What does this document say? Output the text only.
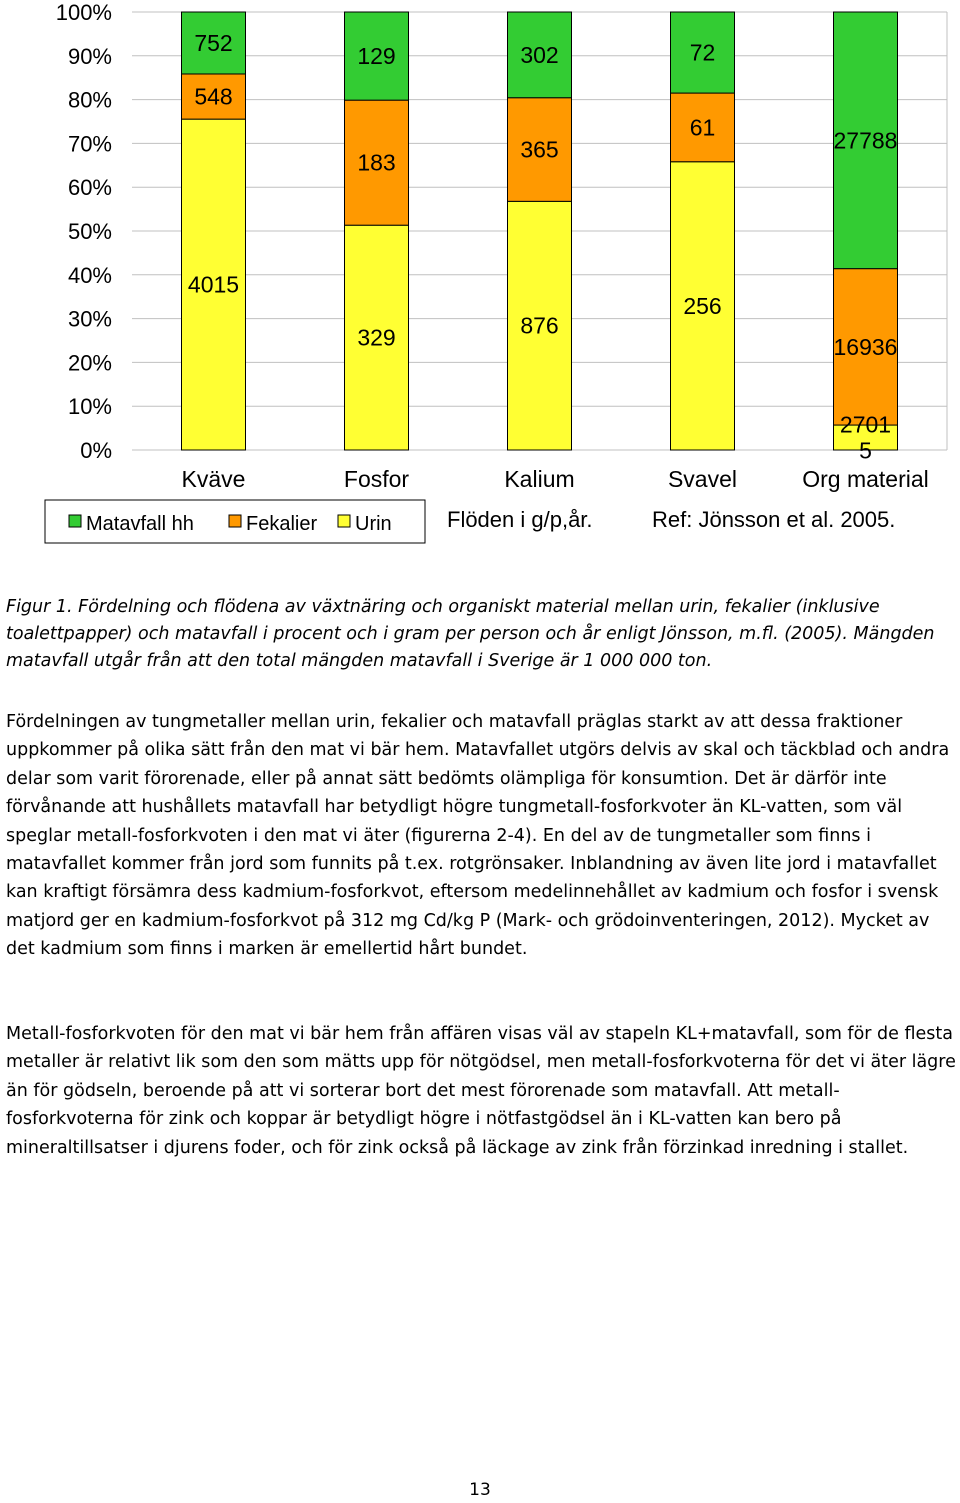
100%
90%
80%
70%
60%
50%
40%
30%
20%
10%
0%
4015
548
752
329
183
129
876
365
302
256
61
72
2701
5
16936
27788
Kväve	Fosfor	Kalium	Svavel	Org material
Matavfall hh	Fekalier Urin	Flöden i g/p,år.	Ref: Jönsson et al. 2005.

Figur 1. Fördelning och flödena av växtnäring och organiskt material mellan urin, fekalier (inklusive toalettpapper) och matavfall i procent och i gram per person och år enligt Jönsson, m.fl. (2005). Mängden matavfall utgår från att den total mängden matavfall i Sverige är 1 000 000 ton.

Fördelningen av tungmetaller mellan urin, fekalier och matavfall präglas starkt av att dessa fraktioner uppkommer på olika sätt från den mat vi bär hem. Matavfallet utgörs delvis av skal och täckblad och andra delar som varit förorenade, eller på annat sätt bedömts olämpliga för konsumtion. Det är därför inte förvånande att hushållets matavfall har betydligt högre tungmetall-fosforkvoter än KL-vatten, som väl speglar metall-fosforkvoten i den mat vi äter (figurerna 2-4). En del av de tungmetaller som finns i matavfallet kommer från jord som funnits på t.ex. rotgrönsaker. Inblandning av även lite jord i matavfallet kan kraftigt försämra dess kadmium-fosforkvot, eftersom medelinnehållet av kadmium och fosfor i svensk matjord ger en kadmium-fosforkvot på 312 mg Cd/kg P (Mark- och grödoinventeringen, 2012). Mycket av det kadmium som finns i marken är emellertid hårt bundet.

Metall-fosforkvoten för den mat vi bär hem från affären visas väl av stapeln KL+matavfall, som för de flesta metaller är relativt lik som den som mätts upp för nötgödsel, men metall-fosforkvoterna för det vi äter lägre än för gödseln, beroende på att vi sorterar bort det mest förorenade som matavfall. Att metall-fosforkvoterna för zink och koppar är betydligt högre i nötfastgödsel än i KL-vatten kan bero på mineraltillsatser i djurens foder, och för zink också på läckage av zink från förzinkad inredning i stallet.

13
